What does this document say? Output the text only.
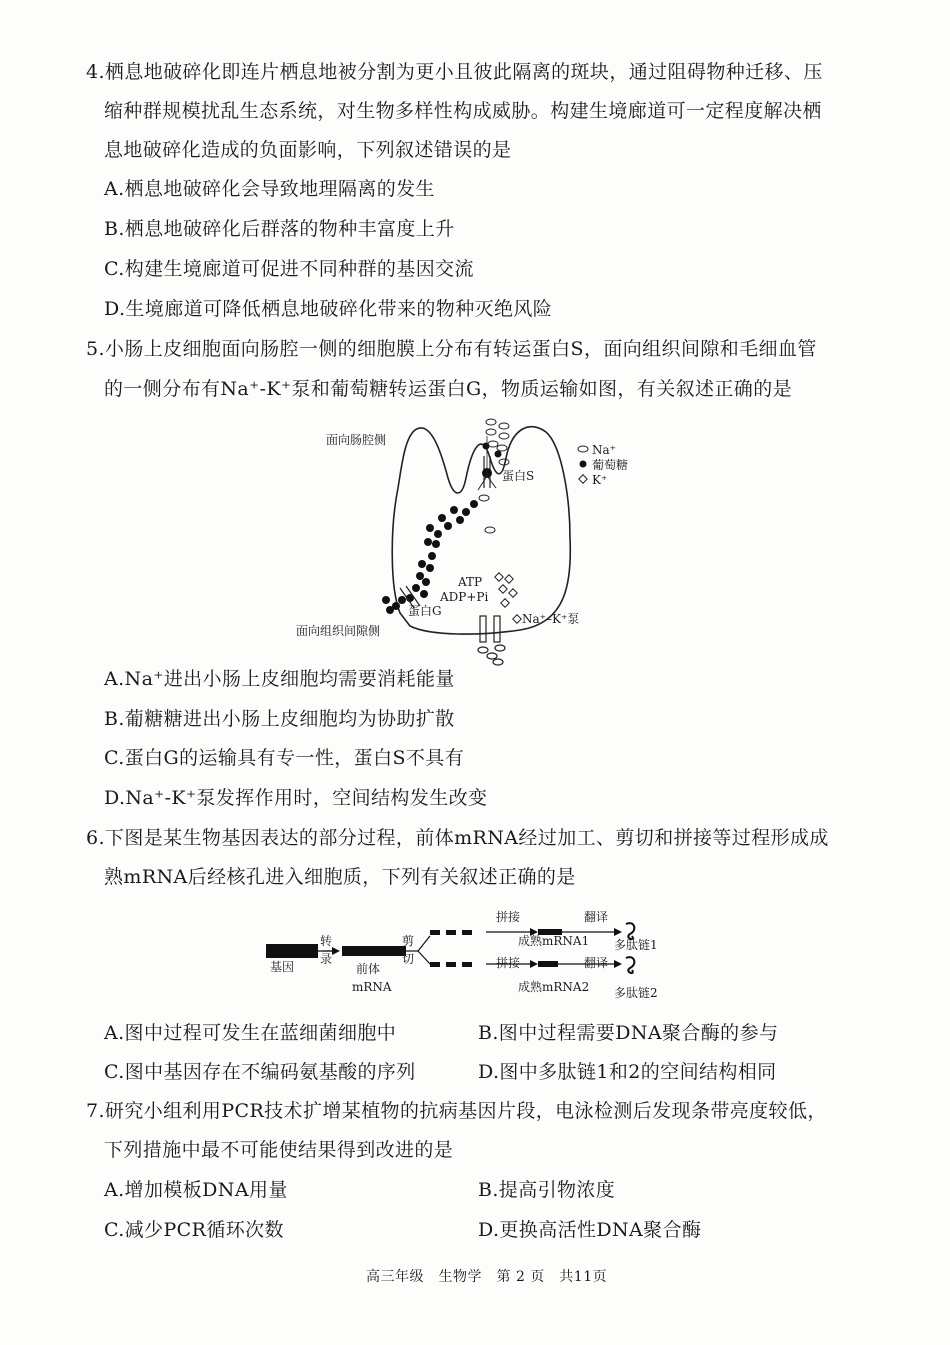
4.栖息地破碎化即连片栖息地被分割为更小且彼此隔离的斑块，通过阻碍物种迁移、压
缩种群规模扰乱生态系统，对生物多样性构成威胁。构建生境廊道可一定程度解决栖
息地破碎化造成的负面影响，下列叙述错误的是
A.栖息地破碎化会导致地理隔离的发生
B.栖息地破碎化后群落的物种丰富度上升
C.构建生境廊道可促进不同种群的基因交流
D.生境廊道可降低栖息地破碎化带来的物种灭绝风险
5.小肠上皮细胞面向肠腔一侧的细胞膜上分布有转运蛋白S，面向组织间隙和毛细血管
的一侧分布有Na⁺-K⁺泵和葡萄糖转运蛋白G，物质运输如图，有关叙述正确的是
面向肠腔侧
面向组织间隙侧
蛋白S
蛋白G
ATP
ADP+Pi
Na⁺–K⁺泵
Na⁺
葡萄糖
K⁺
A.Na⁺进出小肠上皮细胞均需要消耗能量
B.葡糖糖进出小肠上皮细胞均为协助扩散
C.蛋白G的运输具有专一性，蛋白S不具有
D.Na⁺-K⁺泵发挥作用时，空间结构发生改变
6.下图是某生物基因表达的部分过程，前体mRNA经过加工、剪切和拼接等过程形成成
熟mRNA后经核孔进入细胞质，下列有关叙述正确的是
基因
转
录
前体
mRNA
剪
切
拼接
拼接
成熟mRNA1
成熟mRNA2
翻译
翻译
多肽链1
多肽链2
A.图中过程可发生在蓝细菌细胞中	B.图中过程需要DNA聚合酶的参与
C.图中基因存在不编码氨基酸的序列	D.图中多肽链1和2的空间结构相同
7.研究小组利用PCR技术扩增某植物的抗病基因片段，电泳检测后发现条带亮度较低，
下列措施中最不可能使结果得到改进的是
A.增加模板DNA用量	B.提高引物浓度
C.减少PCR循环次数	D.更换高活性DNA聚合酶
高三年级　生物学　第 2 页　共11页
